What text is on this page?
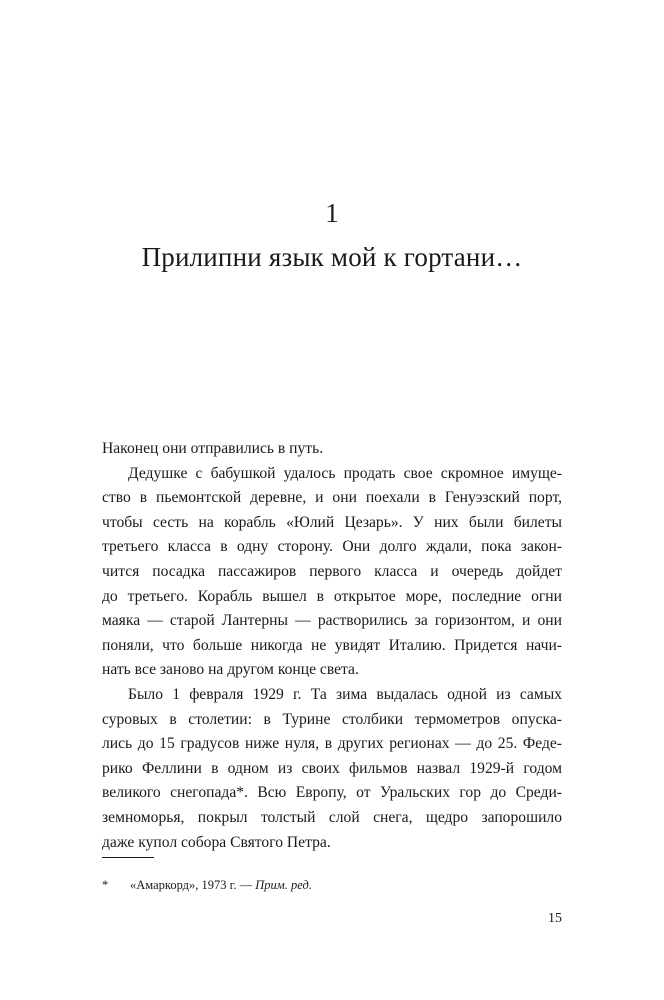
1
Прилипни язык мой к гортани…
Наконец они отправились в путь.
Дедушке с бабушкой удалось продать свое скромное имуще-
ство в пьемонтской деревне, и они поехали в Генуэзский порт,
чтобы сесть на корабль «Юлий Цезарь». У них были билеты
третьего класса в одну сторону. Они долго ждали, пока закон-
чится посадка пассажиров первого класса и очередь дойдет
до третьего. Корабль вышел в открытое море, последние огни
маяка — старой Лантерны — растворились за горизонтом, и они
поняли, что больше никогда не увидят Италию. Придется начи-
нать все заново на другом конце света.
Было 1 февраля 1929 г. Та зима выдалась одной из самых
суровых в столетии: в Турине столбики термометров опуска-
лись до 15 градусов ниже нуля, в других регионах — до 25. Феде-
рико Феллини в одном из своих фильмов назвал 1929-й годом
великого снегопада*. Всю Европу, от Уральских гор до Среди-
земноморья, покрыл толстый слой снега, щедро запорошило
даже купол собора Святого Петра.
* «Амаркорд», 1973 г. — Прим. ред.
15
